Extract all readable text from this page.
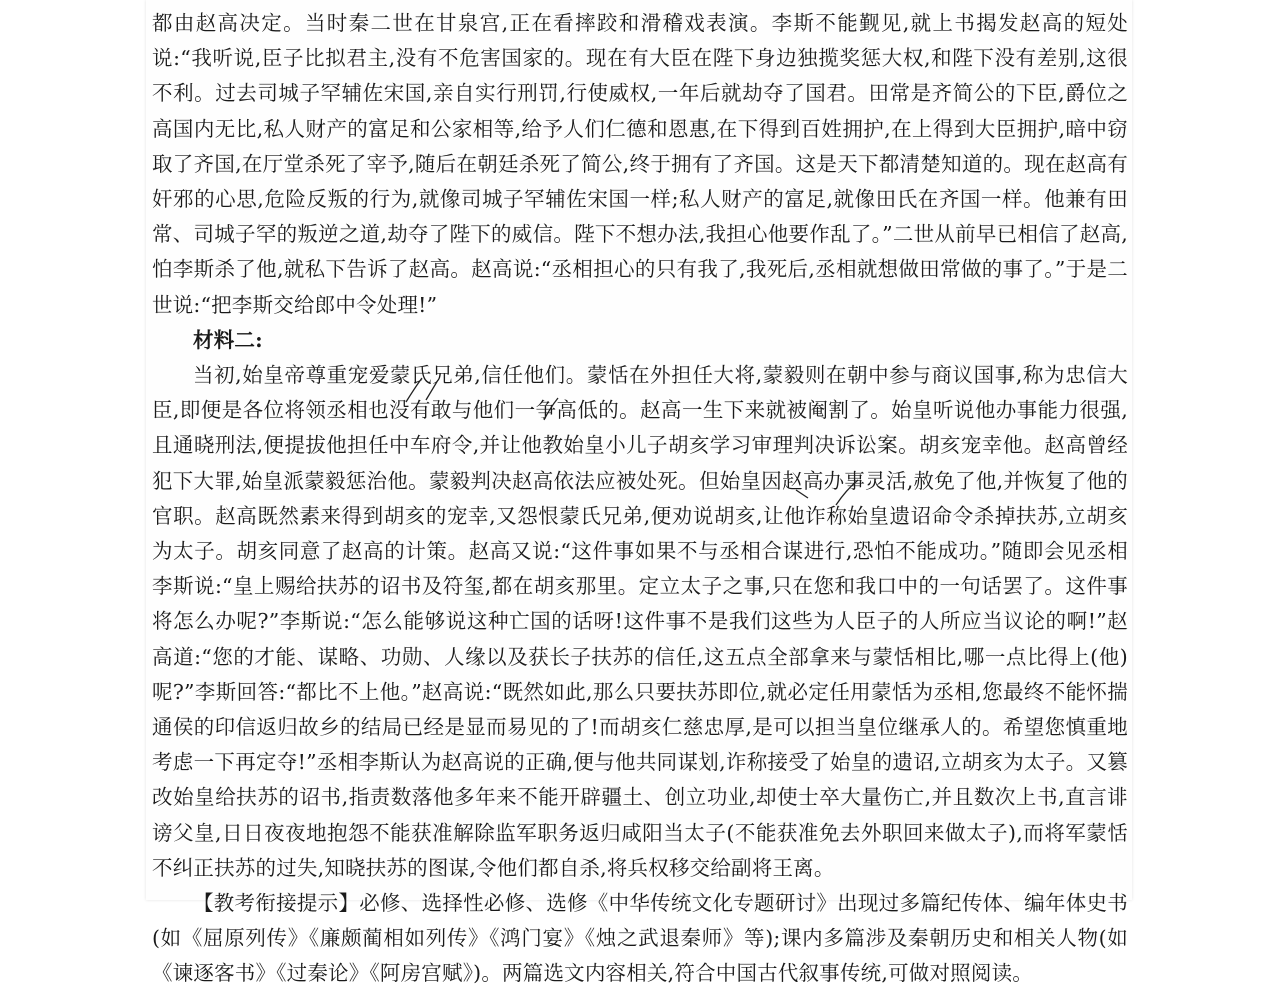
都由赵高决定。当时秦二世在甘泉宫,正在看摔跤和滑稽戏表演。李斯不能觐见,就上书揭发赵高的短处说:“我听说,臣子比拟君主,没有不危害国家的。现在有大臣在陛下身边独揽奖惩大权,和陛下没有差别,这很不利。过去司城子罕辅佐宋国,亲自实行刑罚,行使威权,一年后就劫夺了国君。田常是齐简公的下臣,爵位之高国内无比,私人财产的富足和公家相等,给予人们仁德和恩惠,在下得到百姓拥护,在上得到大臣拥护,暗中窃取了齐国,在厅堂杀死了宰予,随后在朝廷杀死了简公,终于拥有了齐国。这是天下都清楚知道的。现在赵高有奸邪的心思,危险反叛的行为,就像司城子罕辅佐宋国一样;私人财产的富足,就像田氏在齐国一样。他兼有田常、司城子罕的叛逆之道,劫夺了陛下的威信。陛下不想办法,我担心他要作乱了。”二世从前早已相信了赵高,怕李斯杀了他,就私下告诉了赵高。赵高说:“丞相担心的只有我了,我死后,丞相就想做田常做的事了。”于是二世说:“把李斯交给郎中令处理!”

材料二:

当初,始皇帝尊重宠爱蒙氏兄弟,信任他们。蒙恬在外担任大将,蒙毅则在朝中参与商议国事,称为忠信大臣,即便是各位将领丞相也没有敢与他们一争高低的。赵高一生下来就被阉割了。始皇听说他办事能力很强,且通晓刑法,便提拔他担任中车府令,并让他教始皇小儿子胡亥学习审理判决诉讼案。胡亥宠幸他。赵高曾经犯下大罪,始皇派蒙毅惩治他。蒙毅判决赵高依法应被处死。但始皇因赵高办事灵活,赦免了他,并恢复了他的官职。赵高既然素来得到胡亥的宠幸,又怨恨蒙氏兄弟,便劝说胡亥,让他诈称始皇遗诏命令杀掉扶苏,立胡亥为太子。胡亥同意了赵高的计策。赵高又说:“这件事如果不与丞相合谋进行,恐怕不能成功。”随即会见丞相李斯说:“皇上赐给扶苏的诏书及符玺,都在胡亥那里。定立太子之事,只在您和我口中的一句话罢了。这件事将怎么办呢?”李斯说:“怎么能够说这种亡国的话呀!这件事不是我们这些为人臣子的人所应当议论的啊!”赵高道:“您的才能、谋略、功勋、人缘以及获长子扶苏的信任,这五点全部拿来与蒙恬相比,哪一点比得上(他)呢?”李斯回答:“都比不上他。”赵高说:“既然如此,那么只要扶苏即位,就必定任用蒙恬为丞相,您最终不能怀揣通侯的印信返归故乡的结局已经是显而易见的了!而胡亥仁慈忠厚,是可以担当皇位继承人的。希望您慎重地考虑一下再定夺!”丞相李斯认为赵高说的正确,便与他共同谋划,诈称接受了始皇的遗诏,立胡亥为太子。又篡改始皇给扶苏的诏书,指责数落他多年来不能开辟疆土、创立功业,却使士卒大量伤亡,并且数次上书,直言诽谤父皇,日日夜夜地抱怨不能获准解除监军职务返归咸阳当太子(不能获准免去外职回来做太子),而将军蒙恬不纠正扶苏的过失,知晓扶苏的图谋,令他们都自杀,将兵权移交给副将王离。

【教考衔接提示】必修、选择性必修、选修《中华传统文化专题研讨》出现过多篇纪传体、编年体史书(如《屈原列传》《廉颇蔺相如列传》《鸿门宴》《烛之武退秦师》等);课内多篇涉及秦朝历史和相关人物(如《谏逐客书》《过秦论》《阿房宫赋》)。两篇选文内容相关,符合中国古代叙事传统,可做对照阅读。
